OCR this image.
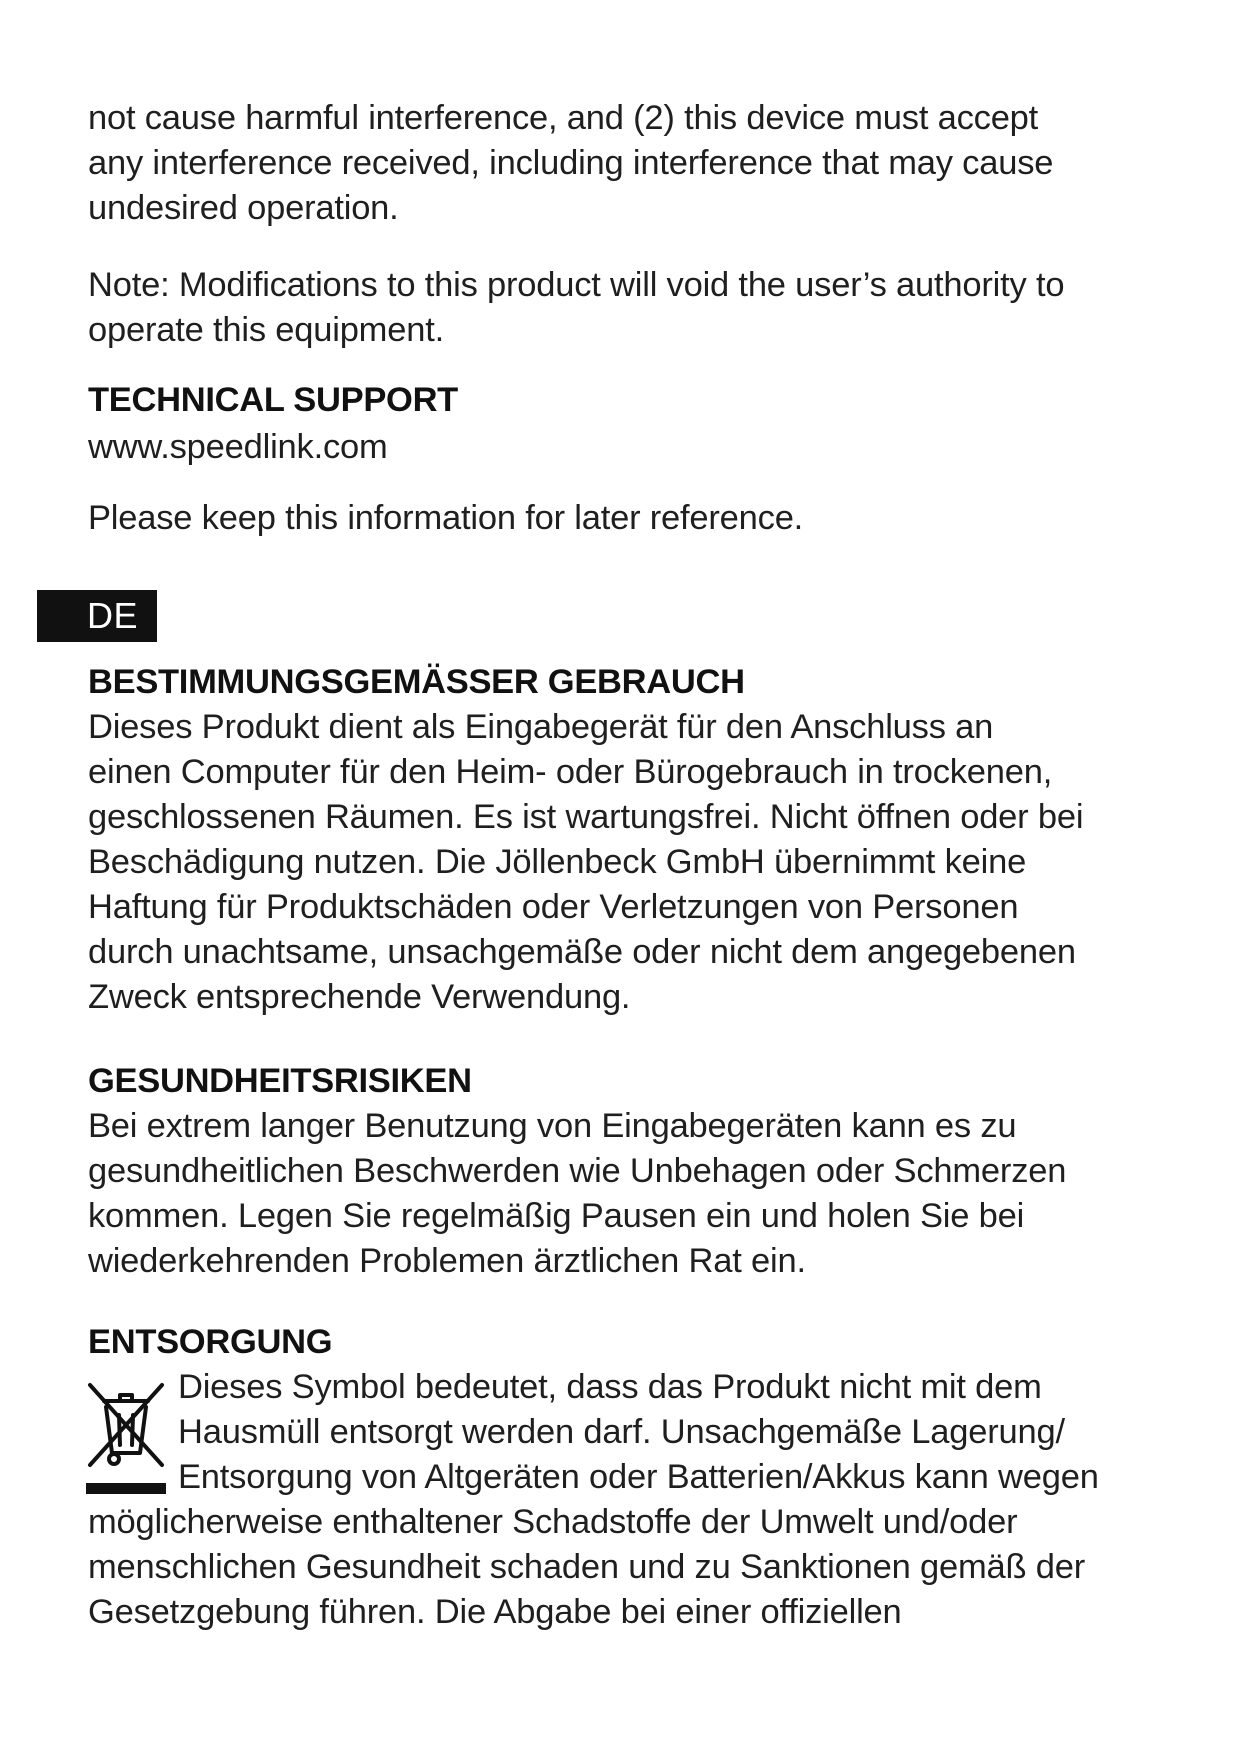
not cause harmful interference, and (2) this device must accept

any interference received, including interference that may cause

undesired operation.

Note: Modifications to this product will void the user’s authority to

operate this equipment.

TECHNICAL SUPPORT

www.speedlink.com

Please keep this information for later reference.

DE

BESTIMMUNGSGEMÄSSER GEBRAUCH

Dieses Produkt dient als Eingabegerät für den Anschluss an

einen Computer für den Heim- oder Bürogebrauch in trockenen,

geschlossenen Räumen. Es ist wartungsfrei. Nicht öffnen oder bei

Beschädigung nutzen. Die Jöllenbeck GmbH übernimmt keine

Haftung für Produktschäden oder Verletzungen von Personen

durch unachtsame, unsachgemäße oder nicht dem angegebenen

Zweck entsprechende Verwendung.

GESUNDHEITSRISIKEN

Bei extrem langer Benutzung von Eingabegeräten kann es zu

gesundheitlichen Beschwerden wie Unbehagen oder Schmerzen

kommen. Legen Sie regelmäßig Pausen ein und holen Sie bei

wiederkehrenden Problemen ärztlichen Rat ein.

ENTSORGUNG

Dieses Symbol bedeutet, dass das Produkt nicht mit dem

Hausmüll entsorgt werden darf. Unsachgemäße Lagerung/

Entsorgung von Altgeräten oder Batterien/Akkus kann wegen

möglicherweise enthaltener Schadstoffe der Umwelt und/oder

menschlichen Gesundheit schaden und zu Sanktionen gemäß der

Gesetzgebung führen. Die Abgabe bei einer offiziellen
